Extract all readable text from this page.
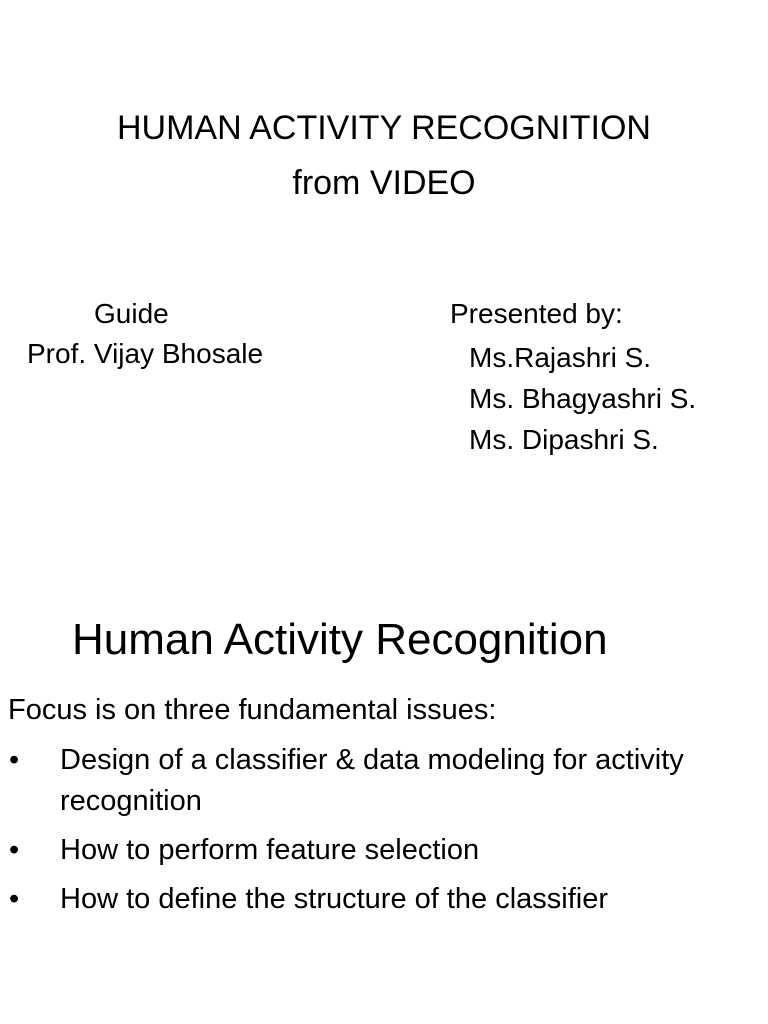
HUMAN ACTIVITY RECOGNITION
from VIDEO
Guide
Prof. Vijay Bhosale
Presented by:
Ms.Rajashri S.
Ms. Bhagyashri S.
Ms. Dipashri S.
Human Activity Recognition
Focus is on three fundamental issues:
• Design of a classifier & data modeling for activity recognition
• How to perform feature selection
• How to define the structure of the classifier
